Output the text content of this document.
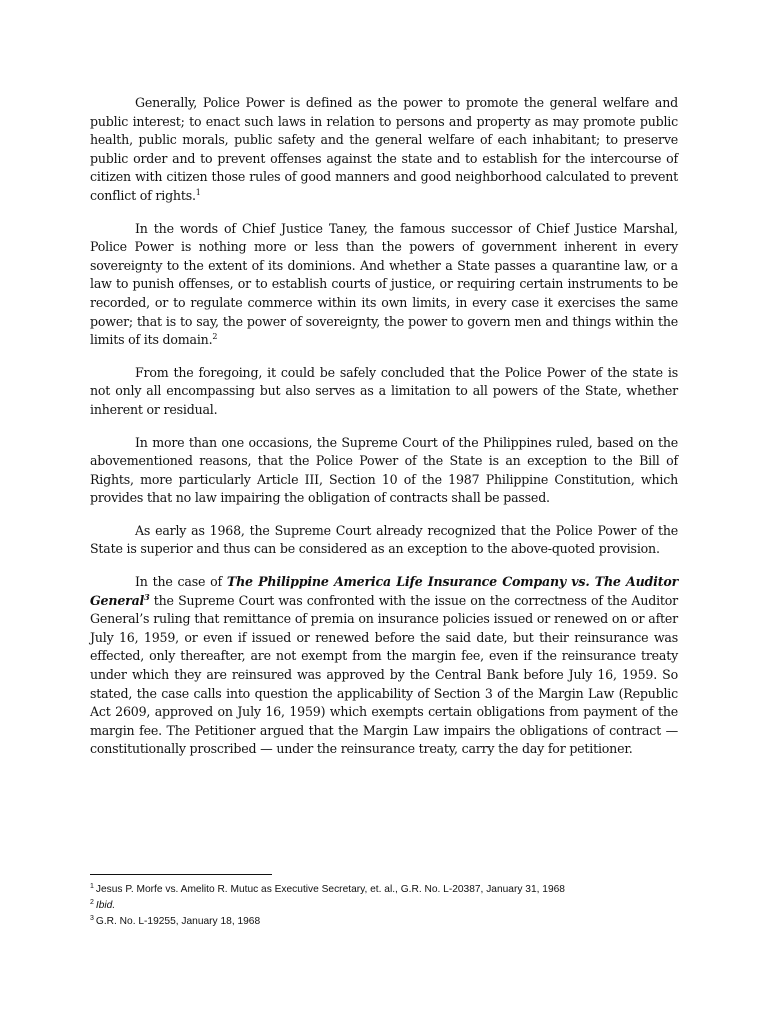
Generally, Police Power is defined as the power to promote the general welfare and public interest; to enact such laws in relation to persons and property as may promote public health, public morals, public safety and the general welfare of each inhabitant; to preserve public order and to prevent offenses against the state and to establish for the intercourse of citizen with citizen those rules of good manners and good neighborhood calculated to prevent conflict of rights.$^1$

In the words of Chief Justice Taney, the famous successor of Chief Justice Marshal, Police Power is nothing more or less than the powers of government inherent in every sovereignty to the extent of its dominions. And whether a State passes a quarantine law, or a law to punish offenses, or to establish courts of justice, or requiring certain instruments to be recorded, or to regulate commerce within its own limits, in every case it exercises the same power; that is to say, the power of sovereignty, the power to govern men and things within the limits of its domain.$^2$

From the foregoing, it could be safely concluded that the Police Power of the state is not only all encompassing but also serves as a limitation to all powers of the State, whether inherent or residual.

In more than one occasions, the Supreme Court of the Philippines ruled, based on the abovementioned reasons, that the Police Power of the State is an exception to the Bill of Rights, more particularly Article III, Section 10 of the 1987 Philippine Constitution, which provides that no law impairing the obligation of contracts shall be passed.

As early as 1968, the Supreme Court already recognized that the Police Power of the State is superior and thus can be considered as an exception to the above-quoted provision.

In the case of The Philippine America Life Insurance Company vs. The Auditor General$^3$ the Supreme Court was confronted with the issue on the correctness of the Auditor General’s ruling that remittance of premia on insurance policies issued or renewed on or after July 16, 1959, or even if issued or renewed before the said date, but their reinsurance was effected, only thereafter, are not exempt from the margin fee, even if the reinsurance treaty under which they are reinsured was approved by the Central Bank before July 16, 1959. So stated, the case calls into question the applicability of Section 3 of the Margin Law (Republic Act 2609, approved on July 16, 1959) which exempts certain obligations from payment of the margin fee. The Petitioner argued that the Margin Law impairs the obligations of contract — constitutionally proscribed — under the reinsurance treaty, carry the day for petitioner.

$^1$ Jesus P. Morfe vs. Amelito R. Mutuc as Executive Secretary, et. al., G.R. No. L-20387, January 31, 1968

$^2$ Ibid.

$^3$ G.R. No. L-19255, January 18, 1968
